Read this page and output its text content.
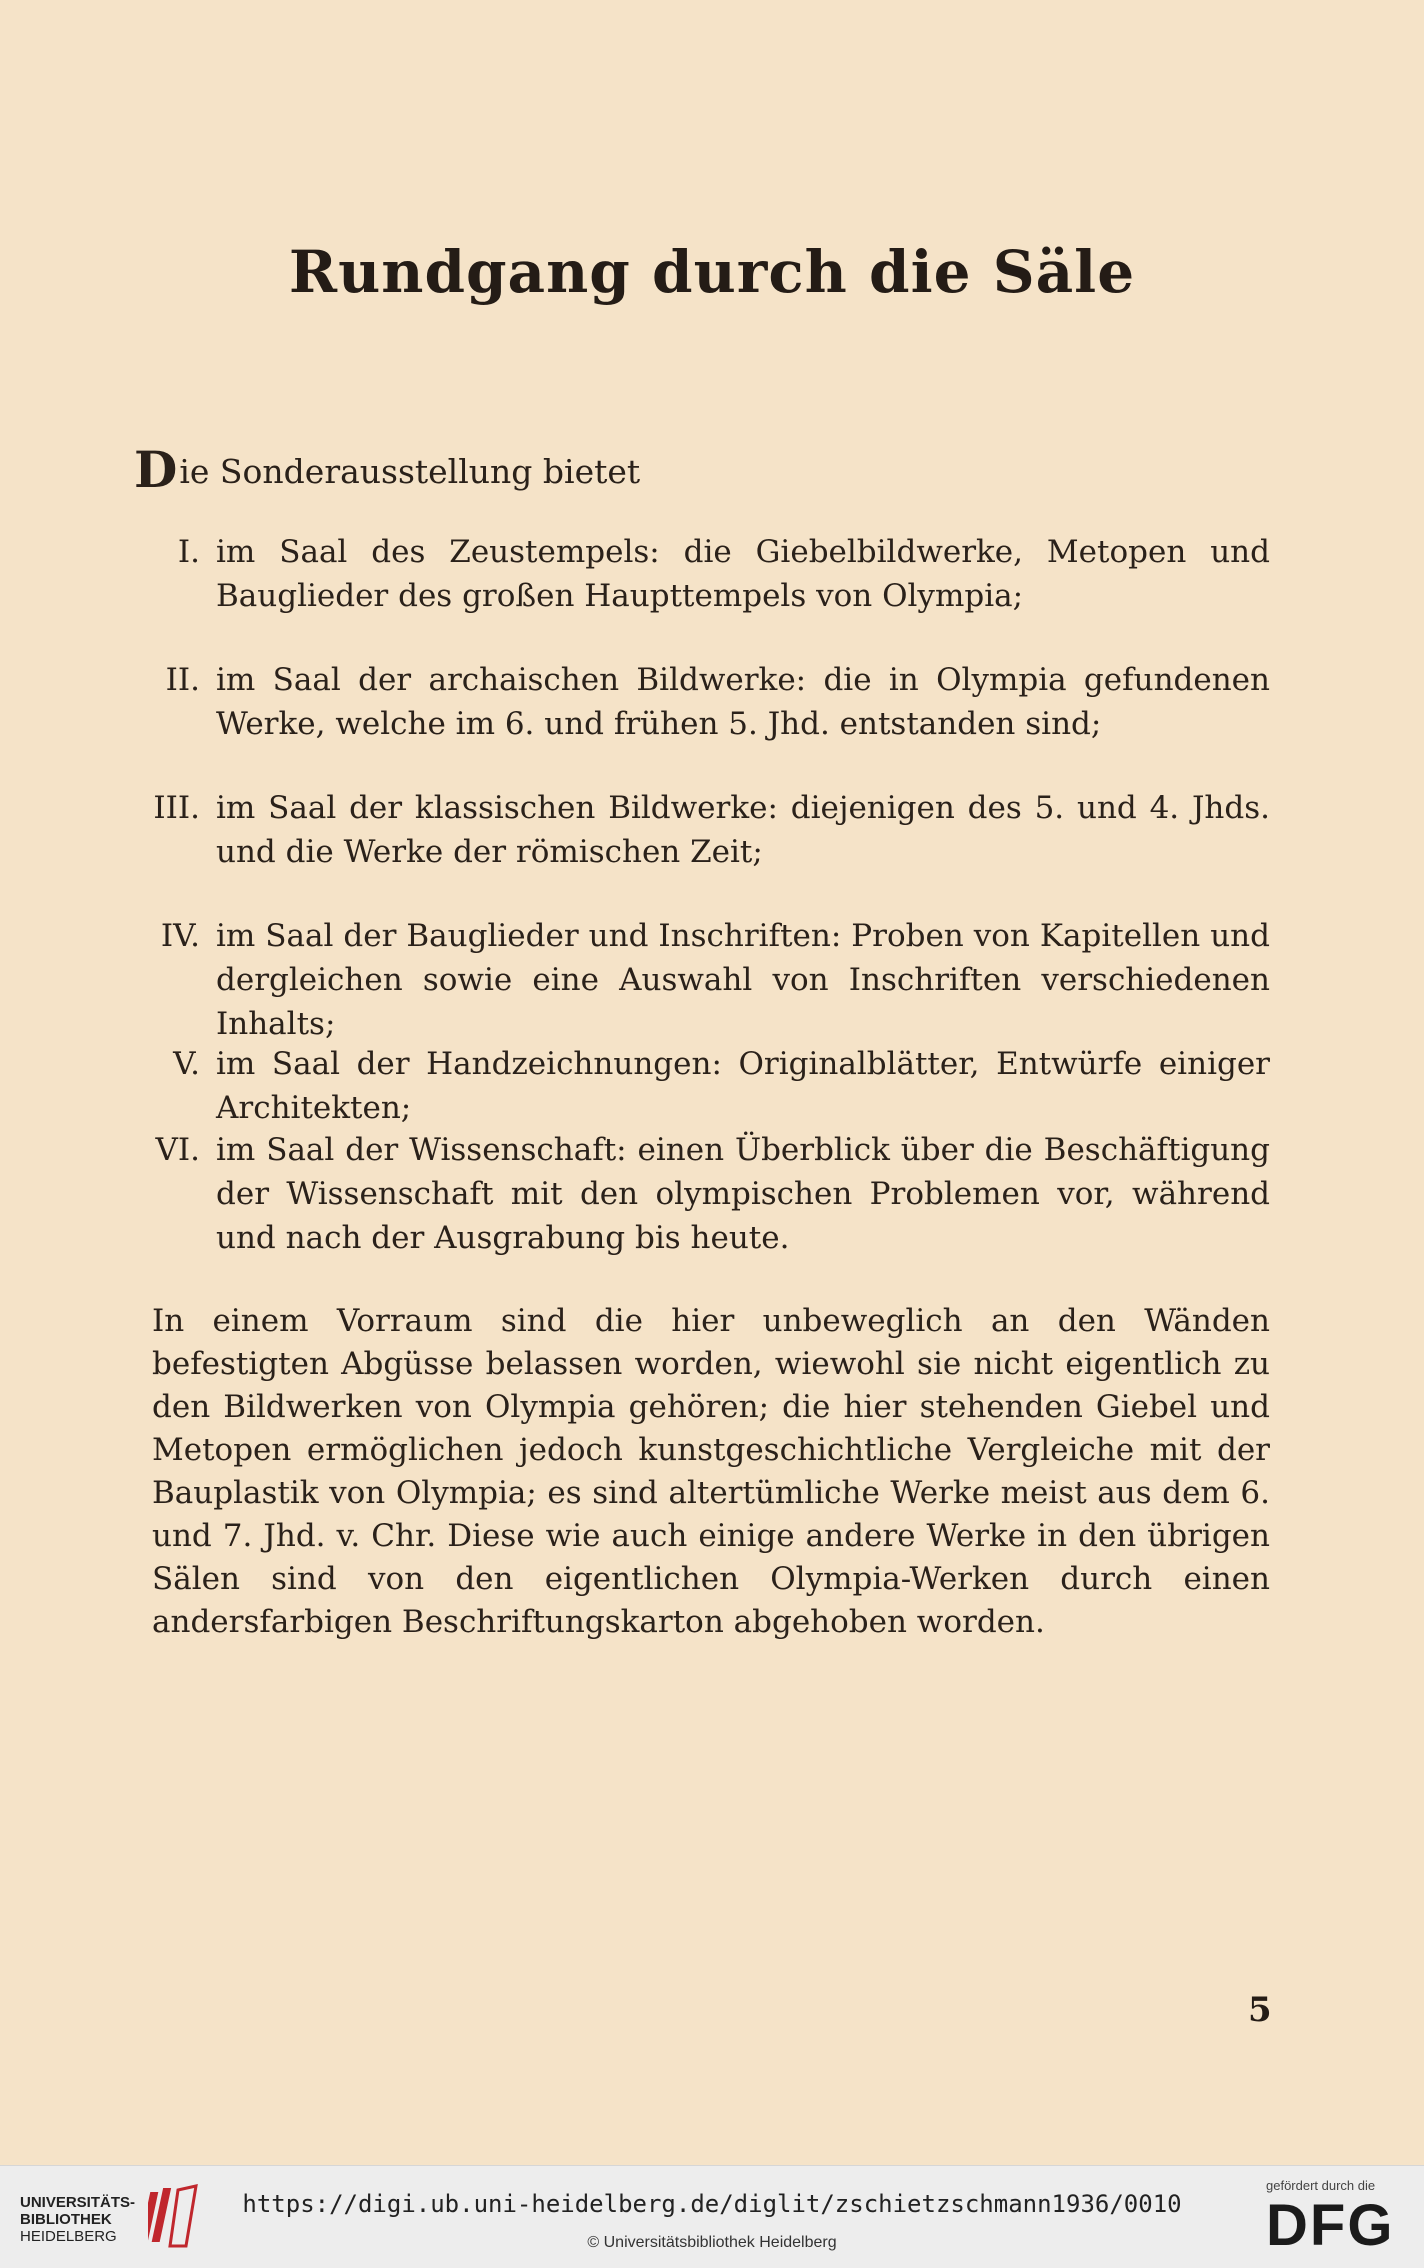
Rundgang durch die Säle
Die Sonderausstellung bietet
I. im Saal des Zeustempels: die Giebelbildwerke, Metopen und Bauglieder des großen Haupttempels von Olympia;
II. im Saal der archaischen Bildwerke: die in Olympia gefundenen Werke, welche im 6. und frühen 5. Jhd. entstanden sind;
III. im Saal der klassischen Bildwerke: diejenigen des 5. und 4. Jhds. und die Werke der römischen Zeit;
IV. im Saal der Bauglieder und Inschriften: Proben von Kapitellen und dergleichen sowie eine Auswahl von Inschriften verschiedenen Inhalts;
V. im Saal der Handzeichnungen: Originalblätter, Entwürfe einiger Architekten;
VI. im Saal der Wissenschaft: einen Überblick über die Beschäftigung der Wissenschaft mit den olympischen Problemen vor, während und nach der Ausgrabung bis heute.
In einem Vorraum sind die hier unbeweglich an den Wänden befestigten Abgüsse belassen worden, wiewohl sie nicht eigentlich zu den Bildwerken von Olympia gehören; die hier stehenden Giebel und Metopen ermöglichen jedoch kunstgeschichtliche Vergleiche mit der Bauplastik von Olympia; es sind altertümliche Werke meist aus dem 6. und 7. Jhd. v. Chr. Diese wie auch einige andere Werke in den übrigen Sälen sind von den eigentlichen Olympia-Werken durch einen andersfarbigen Beschriftungskarton abgehoben worden.
5
UNIVERSITÄTS-
BIBLIOTHEK
HEIDELBERG
https://digi.ub.uni-heidelberg.de/diglit/zschietzschmann1936/0010
© Universitätsbibliothek Heidelberg
gefördert durch die
DFG
